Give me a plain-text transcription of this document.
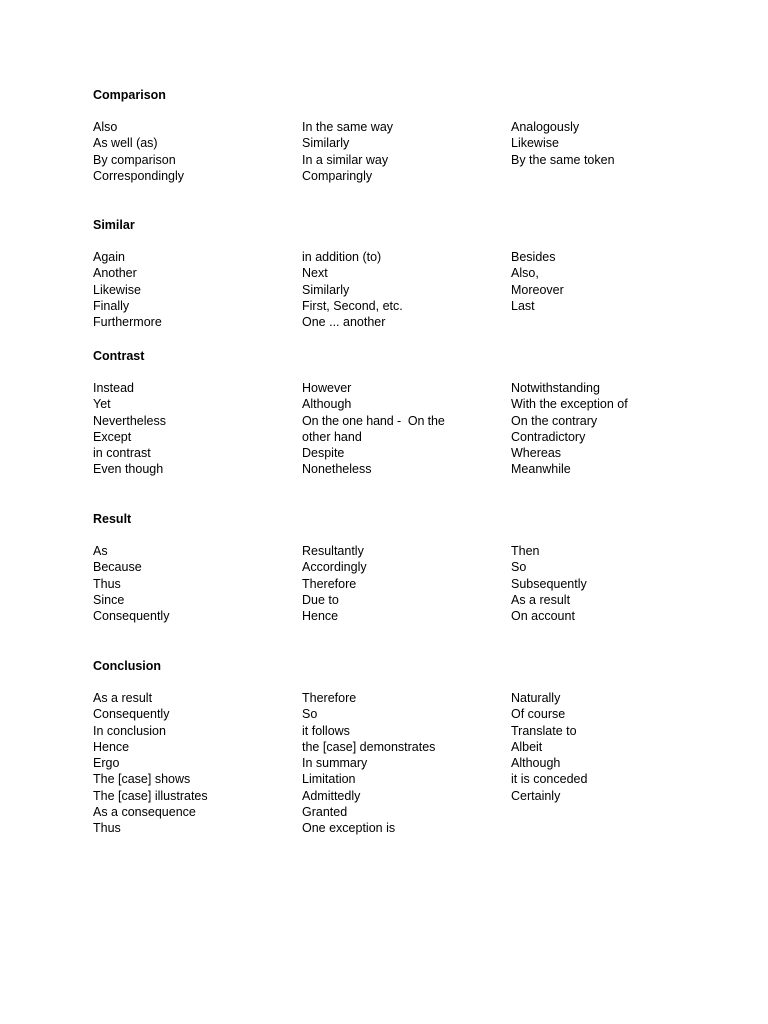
Comparison
Also
As well (as)
By comparison
Correspondingly
In the same way
Similarly
In a similar way
Comparingly
Analogously
Likewise
By the same token
Similar
Again
Another
Likewise
Finally
Furthermore
in addition (to)
Next
Similarly
First, Second, etc.
One ... another
Besides
Also,
Moreover
Last
Contrast
Instead
Yet
Nevertheless
Except
in contrast
Even though
However
Although
On the one hand -  On the
other hand
Despite
Nonetheless
Notwithstanding
With the exception of
On the contrary
Contradictory
Whereas
Meanwhile
Result
As
Because
Thus
Since
Consequently
Resultantly
Accordingly
Therefore
Due to
Hence
Then
So
Subsequently
As a result
On account
Conclusion
As a result
Consequently
In conclusion
Hence
Ergo
The [case] shows
The [case] illustrates
As a consequence
Thus
Therefore
So
it follows
the [case] demonstrates
In summary
Limitation
Admittedly
Granted
One exception is
Naturally
Of course
Translate to
Albeit
Although
it is conceded
Certainly
